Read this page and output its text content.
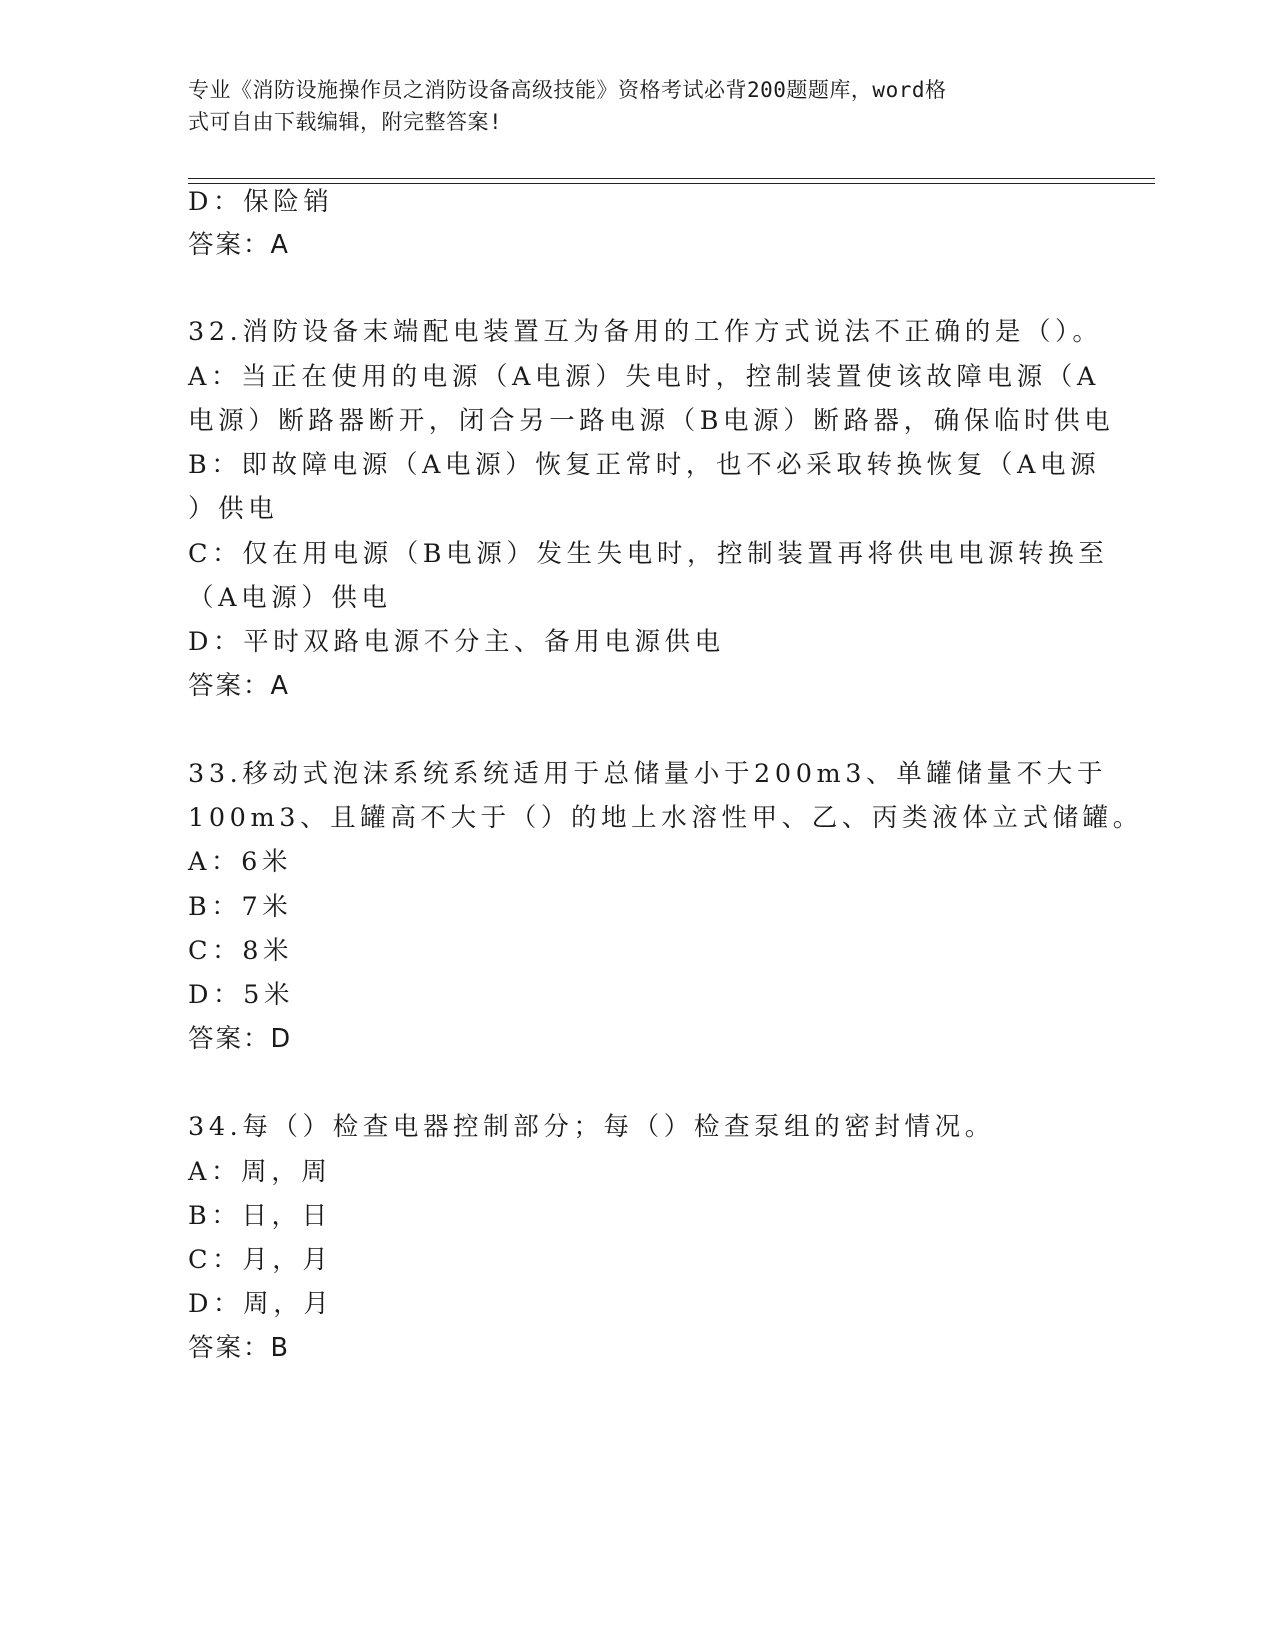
专业《消防设施操作员之消防设备高级技能》资格考试必背200题题库，word格
式可自由下载编辑，附完整答案!
D：保险销
答案：A
32.消防设备末端配电装置互为备用的工作方式说法不正确的是（）。
A：当正在使用的电源（A电源）失电时，控制装置使该故障电源（A
电源）断路器断开，闭合另一路电源（B电源）断路器，确保临时供电
B：即故障电源（A电源）恢复正常时，也不必采取转换恢复（A电源
）供电
C：仅在用电源（B电源）发生失电时，控制装置再将供电电源转换至
（A电源）供电
D：平时双路电源不分主、备用电源供电
答案：A
33.移动式泡沫系统系统适用于总储量小于200m3、单罐储量不大于
100m3、且罐高不大于（）的地上水溶性甲、乙、丙类液体立式储罐。
A：6米
B：7米
C：8米
D：5米
答案：D
34.每（）检查电器控制部分；每（）检查泵组的密封情况。
A：周，周
B：日，日
C：月，月
D：周，月
答案：B
